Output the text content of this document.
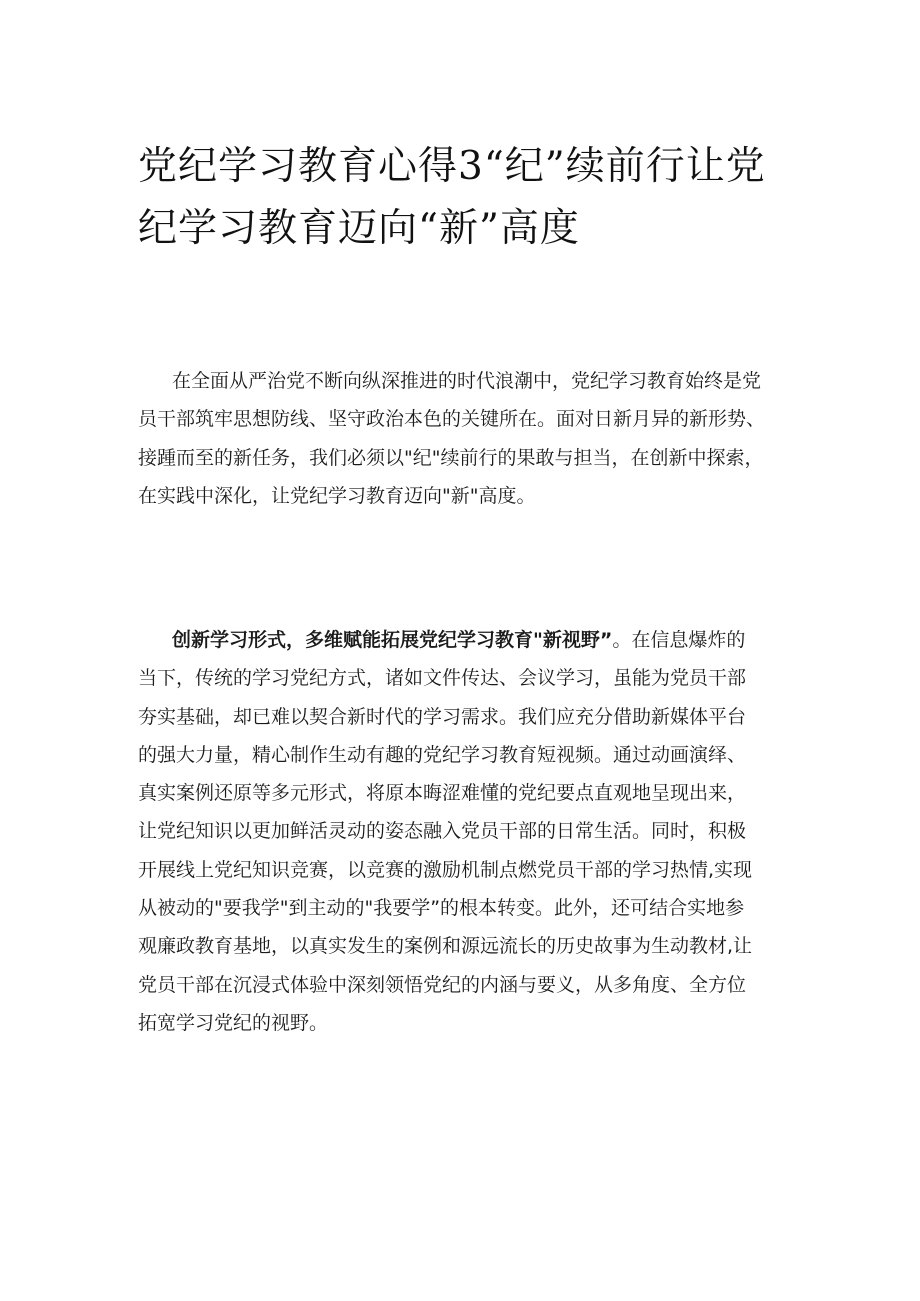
党纪学习教育心得3“纪”续前行让党
纪学习教育迈向“新”高度
在全面从严治党不断向纵深推进的时代浪潮中，党纪学习教育始终是党
员干部筑牢思想防线、坚守政治本色的关键所在。面对日新月异的新形势、
接踵而至的新任务，我们必须以"纪"续前行的果敢与担当，在创新中探索，
在实践中深化，让党纪学习教育迈向"新"高度。
创新学习形式，多维赋能拓展党纪学习教育"新视野”。在信息爆炸的
当下，传统的学习党纪方式，诸如文件传达、会议学习，虽能为党员干部
夯实基础，却已难以契合新时代的学习需求。我们应充分借助新媒体平台
的强大力量，精心制作生动有趣的党纪学习教育短视频。通过动画演绎、
真实案例还原等多元形式，将原本晦涩难懂的党纪要点直观地呈现出来，
让党纪知识以更加鲜活灵动的姿态融入党员干部的日常生活。同时，积极
开展线上党纪知识竞赛，以竞赛的激励机制点燃党员干部的学习热情,实现
从被动的"要我学"到主动的"我要学”的根本转变。此外，还可结合实地参
观廉政教育基地，以真实发生的案例和源远流长的历史故事为生动教材,让
党员干部在沉浸式体验中深刻领悟党纪的内涵与要义，从多角度、全方位
拓宽学习党纪的视野。
